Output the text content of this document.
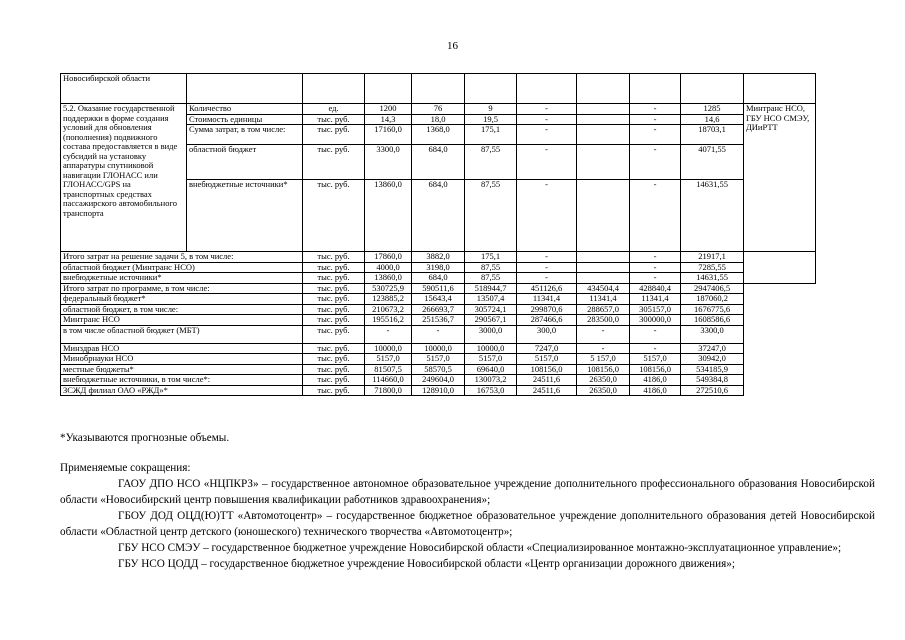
16
Новосибирской области										
5.2. Оказание государственной поддержки в форме создания условий для обновления (пополнения) подвижного состава предоставляется в виде субсидий на установку аппаратуры спутниковой навигации ГЛОНАСС или ГЛОНАСС/GPS на транспортных средствах пассажирского автомобильного транспорта	Количество	ед.	1200	76	9	-		-	1285	Минтранс НСО, ГБУ НСО СМЭУ, ДИиРТТ
	Стоимость единицы	тыс. руб.	14,3	18,0	19,5	-		-	14,6	
	Сумма затрат, в том числе:	тыс. руб.	17160,0	1368,0	175,1	-		-	18703,1	
	областной бюджет	тыс. руб.	3300,0	684,0	87,55	-		-	4071,55	
	внебюджетные источники*	тыс. руб.	13860,0	684,0	87,55	-		-	14631,55	
Итого затрат на решение задачи 5, в том числе:		тыс. руб.	17860,0	3882,0	175,1	-		-	21917,1	
областной бюджет (Минтранс НСО)		тыс. руб.	4000,0	3198,0	87,55	-		-	7285,55	
внебюджетные источники*		тыс. руб.	13860,0	684,0	87,55	-		-	14631,55	
Итого затрат по программе, в том числе:		тыс. руб.	530725,9	590511,6	518944,7	451126,6	434504,4	428840,4	2947406,5	
федеральный бюджет*		тыс. руб.	123885,2	15643,4	13507,4	11341,4	11341,4	11341,4	187060,2	
областной бюджет, в том числе:		тыс. руб.	210673,2	266693,7	305724,1	299870,6	288657,0	305157,0	1676775,6	
Минтранс НСО		тыс. руб.	195516,2	251536,7	290567,1	287466,6	283500,0	300000,0	1608586,6	
в том числе областной бюджет (МБТ)		тыс. руб.	-	-	3000,0	300,0	-	-	3300,0	
Минздрав НСО		тыс. руб.	10000,0	10000,0	10000,0	7247,0	-	-	37247,0	
Минобрнауки НСО		тыс. руб.	5157,0	5157,0	5157,0	5157,0	5 157,0	5157,0	30942,0	
местные бюджеты*		тыс. руб.	81507,5	58570,5	69640,0	108156,0	108156,0	108156,0	534185,9	
внебюджетные источники, в том числе*:		тыс. руб.	114660,0	249604,0	130073,2	24511,6	26350,0	4186,0	549384,8	
ЗСЖД филиал ОАО «РЖД»*		тыс. руб.	71800,0	128910,0	16753,0	24511,6	26350,0	4186,0	272510,6	

*Указываются прогнозные объемы.

Применяемые сокращения:

ГАОУ ДПО НСО «НЦПКРЗ» – государственное автономное образовательное учреждение дополнительного профессионального образования Новосибирской области «Новосибирский центр повышения квалификации работников здравоохранения»;

ГБОУ ДОД ОЦД(Ю)ТТ «Автомотоцентр» – государственное бюджетное образовательное учреждение дополнительного образования детей Новосибирской области «Областной центр детского (юношеского) технического творчества «Автомотоцентр»;

ГБУ НСО СМЭУ – государственное бюджетное учреждение Новосибирской области «Специализированное монтажно-эксплуатационное управление»;

ГБУ НСО ЦОДД – государственное бюджетное учреждение Новосибирской области «Центр организации дорожного движения»;
